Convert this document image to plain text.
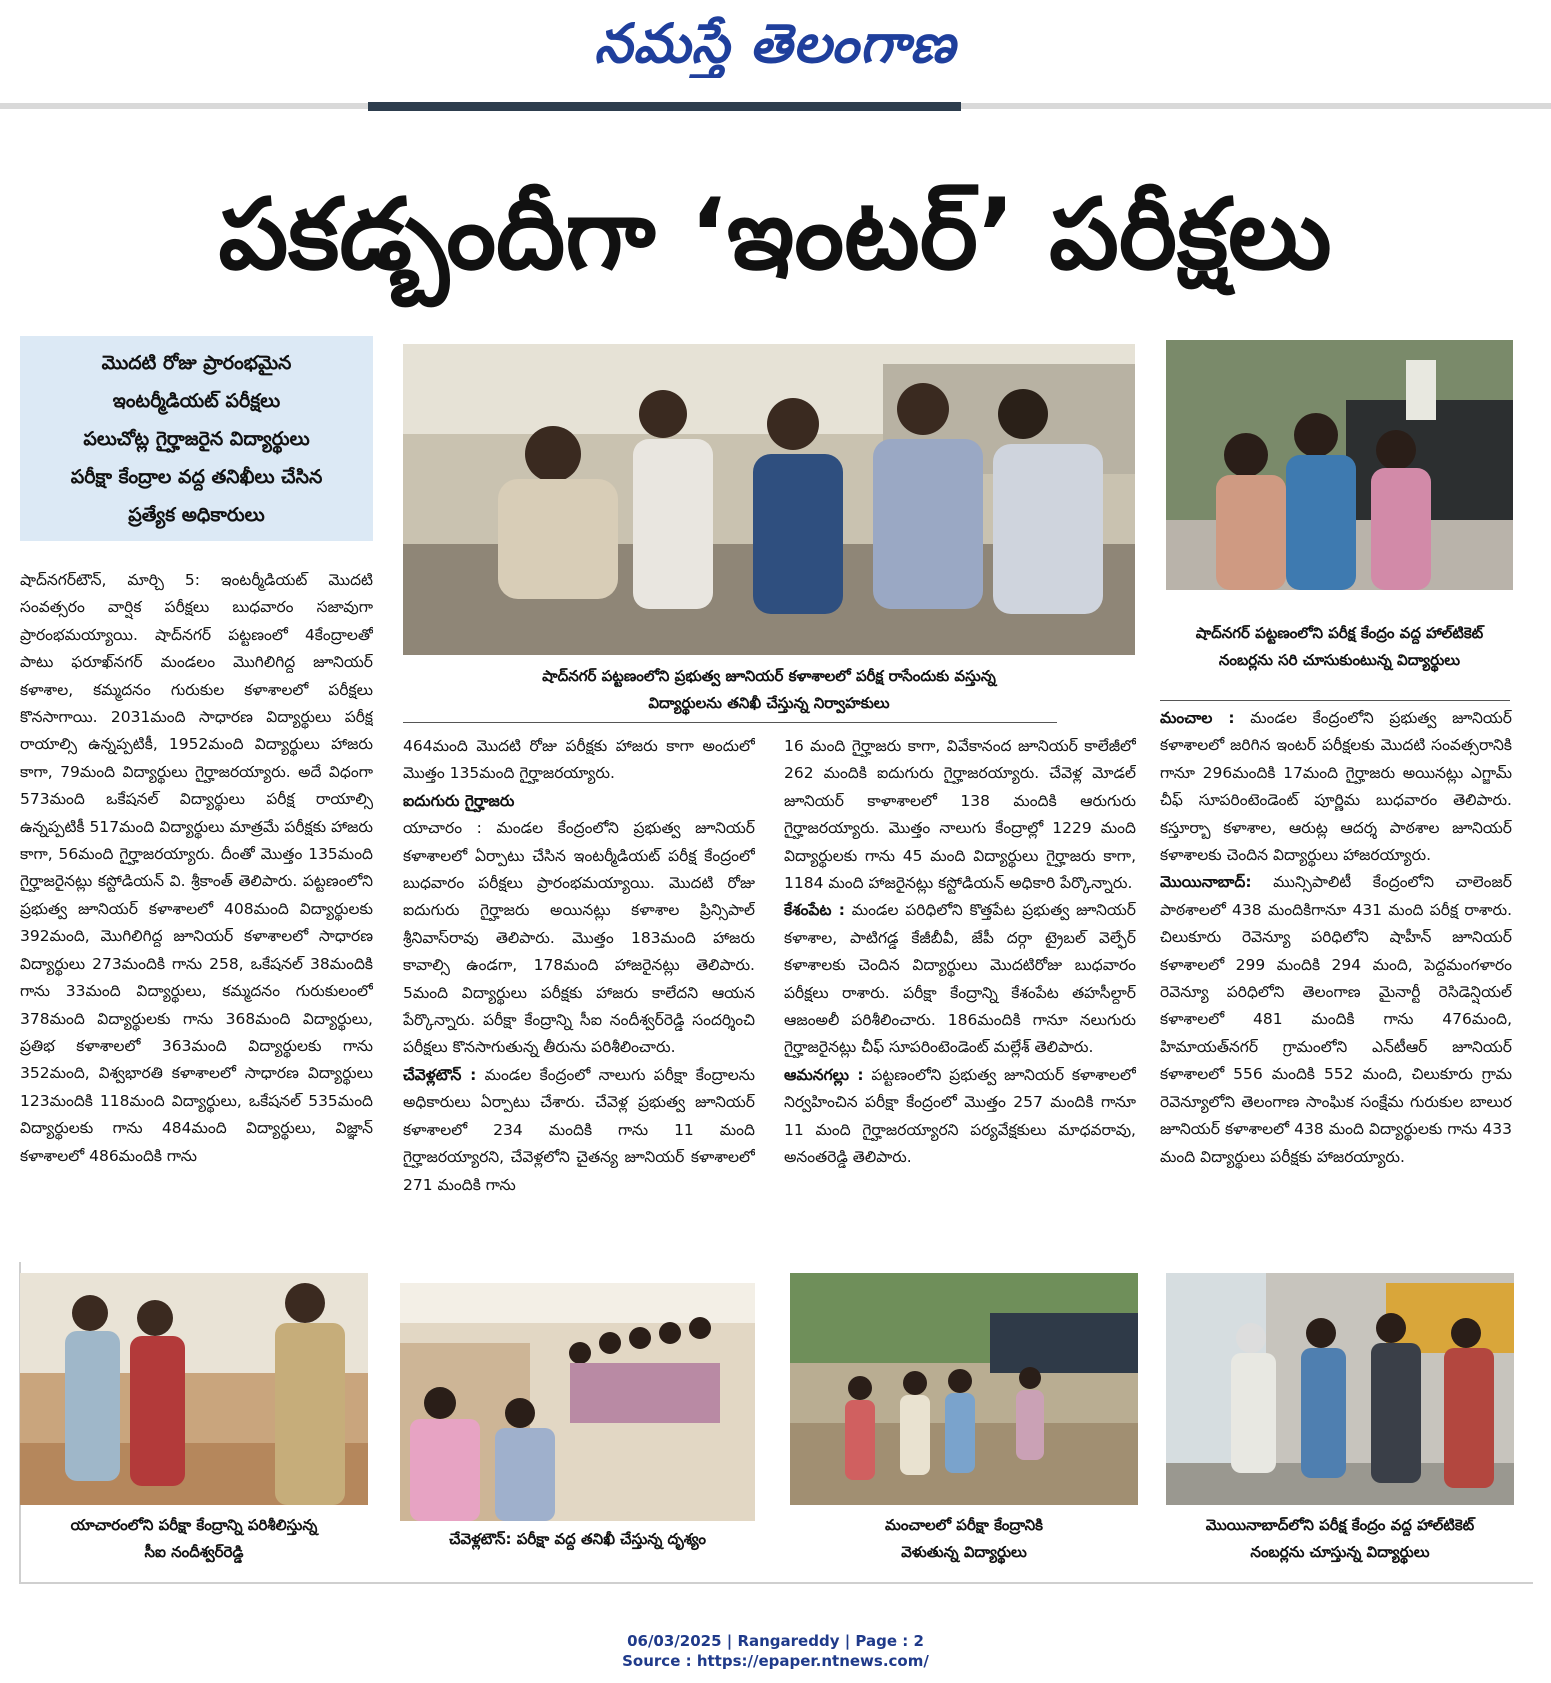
నమస్తే తెలంగాణ
పకడ్బందీగా ‘ఇంటర్’ పరీక్షలు
మొదటి రోజు ప్రారంభమైన
ఇంటర్మీడియట్ పరీక్షలు
పలుచోట్ల గైర్హాజరైన విద్యార్థులు
పరీక్షా కేంద్రాల వద్ద తనిఖీలు చేసిన
ప్రత్యేక అధికారులు
షాద్‌నగర్ పట్టణంలోని ప్రభుత్వ జూనియర్ కళాశాలలో పరీక్ష రాసేందుకు వస్తున్న
విద్యార్థులను తనిఖీ చేస్తున్న నిర్వాహకులు
షాద్‌నగర్ పట్టణంలోని పరీక్ష కేంద్రం వద్ద హాల్‌టికెట్
నంబర్లను సరి చూసుకుంటున్న విద్యార్థులు

షాద్‌నగర్‌టౌన్, మార్చి 5: ఇంటర్మీడియట్ మొదటి సంవత్సరం వార్షిక పరీక్షలు బుధవారం సజావుగా ప్రారంభమయ్యాయి. షాద్‌నగర్ పట్టణంలో 4కేంద్రాలతో పాటు ఫరూఖ్‌నగర్ మండలం మొగిలిగిద్ద జూనియర్ కళాశాల, కమ్మదనం గురుకుల కళాశాలలో పరీక్షలు కొనసాగాయి. 2031మంది సాధారణ విద్యార్థులు పరీక్ష రాయాల్సి ఉన్నప్పటికీ, 1952మంది విద్యార్థులు హాజరు కాగా, 79మంది విద్యార్థులు గైర్హాజరయ్యారు. అదే విధంగా 573మంది ఒకేషనల్ విద్యార్థులు పరీక్ష రాయాల్సి ఉన్నప్పటికీ 517మంది విద్యార్థులు మాత్రమే పరీక్షకు హాజరు కాగా, 56మంది గైర్హాజరయ్యారు. దీంతో మొత్తం 135మంది గైర్హాజరైనట్లు కస్టోడియన్ వి. శ్రీకాంత్ తెలిపారు. పట్టణంలోని ప్రభుత్వ జూనియర్ కళాశాలలో 408మంది విద్యార్థులకు 392మంది, మొగిలిగిద్ద జూనియర్ కళాశాలలో సాధారణ విద్యార్థులు 273మందికి గాను 258, ఒకేషనల్ 38మందికి గాను 33మంది విద్యార్థులు, కమ్మదనం గురుకులంలో 378మంది విద్యార్థులకు గాను 368మంది విద్యార్థులు, ప్రతిభ కళాశాలలో 363మంది విద్యార్థులకు గాను 352మంది, విశ్వభారతి కళాశాలలో సాధారణ విద్యార్థులు 123మందికి 118మంది విద్యార్థులు, ఒకేషనల్ 535మంది విద్యార్థులకు గాను 484మంది విద్యార్థులు, విజ్ఞాన్ కళాశాలలో 486మందికి గాను

464మంది మొదటి రోజు పరీక్షకు హాజరు కాగా అందులో మొత్తం 135మంది గైర్హాజరయ్యారు.

ఐదుగురు గైర్హాజరు

యాచారం : మండల కేంద్రంలోని ప్రభుత్వ జూనియర్ కళాశాలలో ఏర్పాటు చేసిన ఇంటర్మీడియట్ పరీక్ష కేంద్రంలో బుధవారం పరీక్షలు ప్రారంభమయ్యాయి. మొదటి రోజు ఐదుగురు గైర్హాజరు అయినట్లు కళాశాల ప్రిన్సిపాల్ శ్రీనివాస్‌రావు తెలిపారు. మొత్తం 183మంది హాజరు కావాల్సి ఉండగా, 178మంది హాజరైనట్లు తెలిపారు. 5మంది విద్యార్థులు పరీక్షకు హాజరు కాలేదని ఆయన పేర్కొన్నారు. పరీక్షా కేంద్రాన్ని సీఐ నందీశ్వర్‌రెడ్డి సందర్శించి పరీక్షలు కొనసాగుతున్న తీరును పరిశీలించారు.

చేవెళ్లటౌన్ : మండల కేంద్రంలో నాలుగు పరీక్షా కేంద్రాలను అధికారులు ఏర్పాటు చేశారు. చేవెళ్ల ప్రభుత్వ జూనియర్ కళాశాలలో 234 మందికి గాను 11 మంది గైర్హాజరయ్యారని, చేవెళ్లలోని చైతన్య జూనియర్ కళాశాలలో 271 మందికి గాను

16 మంది గైర్హాజరు కాగా, వివేకానంద జూనియర్ కాలేజీలో 262 మందికి ఐదుగురు గైర్హాజరయ్యారు. చేవెళ్ల మోడల్ జూనియర్ కాళాశాలలో 138 మందికి ఆరుగురు గైర్హాజరయ్యారు. మొత్తం నాలుగు కేంద్రాల్లో 1229 మంది విద్యార్థులకు గాను 45 మంది విద్యార్థులు గైర్హాజరు కాగా, 1184 మంది హాజరైనట్లు కస్టోడియన్ అధికారి పేర్కొన్నారు.

కేశంపేట : మండల పరిధిలోని కొత్తపేట ప్రభుత్వ జూనియర్ కళాశాల, పాటిగడ్డ కేజీబీవీ, జేపీ దర్గా ట్రైబల్ వెల్ఫేర్ కళాశాలకు చెందిన విద్యార్థులు మొదటిరోజు బుధవారం పరీక్షలు రాశారు. పరీక్షా కేంద్రాన్ని కేశంపేట తహసీల్దార్ ఆజంఅలీ పరిశీలించారు. 186మందికి గానూ నలుగురు గైర్హాజరైనట్లు చీఫ్ సూపరింటెండెంట్ మల్లేశ్ తెలిపారు.

ఆమనగల్లు : పట్టణంలోని ప్రభుత్వ జూనియర్ కళాశాలలో నిర్వహించిన పరీక్షా కేంద్రంలో మొత్తం 257 మందికి గానూ 11 మంది గైర్హాజరయ్యారని పర్యవేక్షకులు మాధవరావు, అనంతరెడ్డి తెలిపారు.

మంచాల : మండల కేంద్రంలోని ప్రభుత్వ జూనియర్ కళాశాలలో జరిగిన ఇంటర్ పరీక్షలకు మొదటి సంవత్సరానికి గానూ 296మందికి 17మంది గైర్హాజరు అయినట్లు ఎగ్జామ్ చీఫ్ సూపరింటెండెంట్ పూర్ణిమ బుధవారం తెలిపారు. కస్తూర్బా కళాశాల, ఆరుట్ల ఆదర్శ పాఠశాల జూనియర్ కళాశాలకు చెందిన విద్యార్థులు హాజరయ్యారు.

మొయినాబాద్: మున్సిపాలిటీ కేంద్రంలోని చాలెంజర్ పాఠశాలలో 438 మందికిగానూ 431 మంది పరీక్ష రాశారు. చిలుకూరు రెవెన్యూ పరిధిలోని షాహీన్ జూనియర్ కళాశాలలో 299 మందికి 294 మంది, పెద్దమంగళారం రెవెన్యూ పరిధిలోని తెలంగాణ మైనార్టీ రెసిడెన్షియల్ కళాశాలలో 481 మందికి గాను 476మంది, హిమాయత్‌నగర్ గ్రామంలోని ఎన్‌టీఆర్ జూనియర్ కళాశాలలో 556 మందికి 552 మంది, చిలుకూరు గ్రామ రెవెన్యూలోని తెలంగాణ సాంఘిక సంక్షేమ గురుకుల బాలుర జూనియర్ కళాశాలలో 438 మంది విద్యార్థులకు గాను 433 మంది విద్యార్థులు పరీక్షకు హాజరయ్యారు.

యాచారంలోని పరీక్షా కేంద్రాన్ని పరిశీలిస్తున్న
సీఐ నందీశ్వర్‌రెడ్డి
చేవెళ్లటౌన్: పరీక్షా వద్ద తనిఖీ చేస్తున్న దృశ్యం
మంచాలలో పరీక్షా కేంద్రానికి
వెళుతున్న విద్యార్థులు
మొయినాబాద్‌లోని పరీక్ష కేంద్రం వద్ద హాల్‌టికెట్
నంబర్లను చూస్తున్న విద్యార్థులు
06/03/2025 | Rangareddy | Page : 2
Source : https://epaper.ntnews.com/
